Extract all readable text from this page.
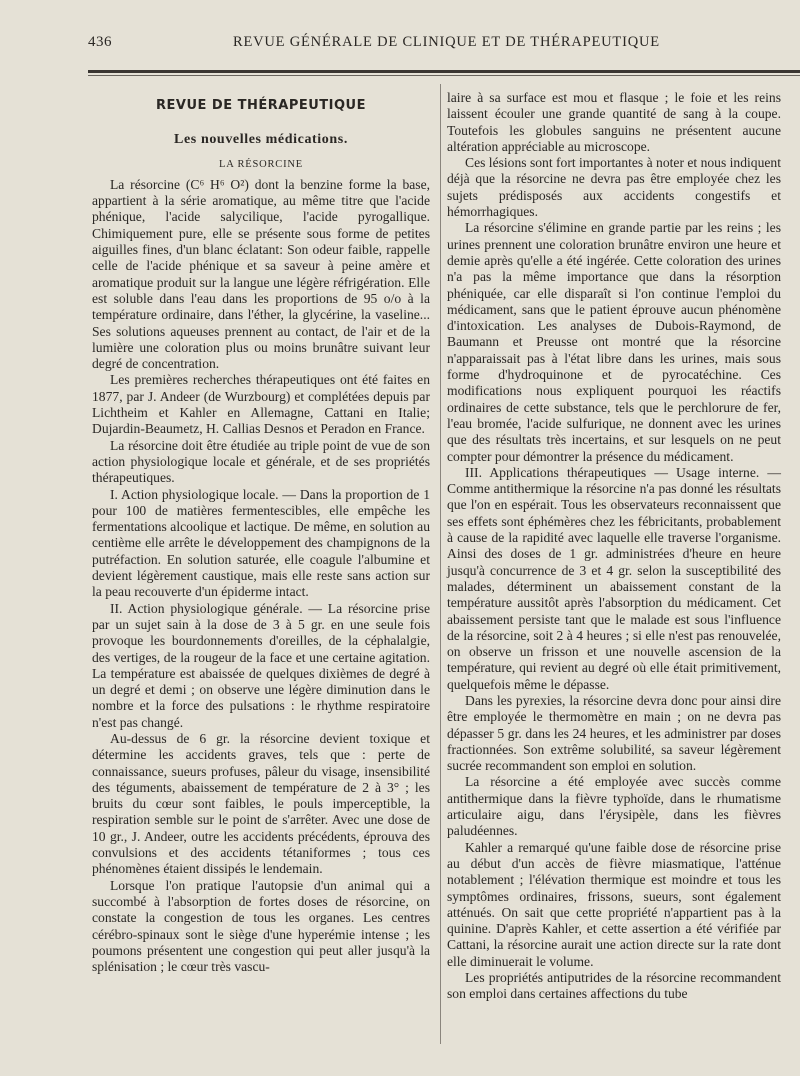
436	REVUE GÉNÉRALE DE CLINIQUE ET DE THÉRAPEUTIQUE
REVUE DE THÉRAPEUTIQUE
Les nouvelles médications.
LA RÉSORCINE

La résorcine (C⁶ H⁶ O²) dont la benzine forme la base, appartient à la série aromatique, au même titre que l'acide phénique, l'acide salycilique, l'acide pyrogallique. Chimiquement pure, elle se présente sous forme de petites aiguilles fines, d'un blanc éclatant: Son odeur faible, rappelle celle de l'acide phénique et sa saveur à peine amère et aromatique produit sur la langue une légère réfrigération. Elle est soluble dans l'eau dans les proportions de 95 o/o à la température ordinaire, dans l'éther, la glycérine, la vaseline... Ses solutions aqueuses prennent au contact, de l'air et de la lumière une coloration plus ou moins brunâtre suivant leur degré de concentration.

Les premières recherches thérapeutiques ont été faites en 1877, par J. Andeer (de Wurzbourg) et complétées depuis par Lichtheim et Kahler en Allemagne, Cattani en Italie; Dujardin-Beaumetz, H. Callias Desnos et Peradon en France.

La résorcine doit être étudiée au triple point de vue de son action physiologique locale et générale, et de ses propriétés thérapeutiques.

I. Action physiologique locale. — Dans la proportion de 1 pour 100 de matières fermentescibles, elle empêche les fermentations alcoolique et lactique. De même, en solution au centième elle arrête le développement des champignons de la putréfaction. En solution saturée, elle coagule l'albumine et devient légèrement caustique, mais elle reste sans action sur la peau recouverte d'un épiderme intact.

II. Action physiologique générale. — La résorcine prise par un sujet sain à la dose de 3 à 5 gr. en une seule fois provoque les bourdonnements d'oreilles, de la céphalalgie, des vertiges, de la rougeur de la face et une certaine agitation. La température est abaissée de quelques dixièmes de degré à un degré et demi ; on observe une légère diminution dans le nombre et la force des pulsations : le rhythme respiratoire n'est pas changé.

Au-dessus de 6 gr. la résorcine devient toxique et détermine les accidents graves, tels que : perte de connaissance, sueurs profuses, pâleur du visage, insensibilité des téguments, abaissement de température de 2 à 3° ; les bruits du cœur sont faibles, le pouls imperceptible, la respiration semble sur le point de s'arrêter. Avec une dose de 10 gr., J. Andeer, outre les accidents précédents, éprouva des convulsions et des accidents tétaniformes ; tous ces phénomènes étaient dissipés le lendemain.

Lorsque l'on pratique l'autopsie d'un animal qui a succombé à l'absorption de fortes doses de résorcine, on constate la congestion de tous les organes. Les centres cérébro-spinaux sont le siège d'une hyperémie intense ; les poumons présentent une congestion qui peut aller jusqu'à la splénisation ; le cœur très vascu-

laire à sa surface est mou et flasque ; le foie et les reins laissent écouler une grande quantité de sang à la coupe. Toutefois les globules sanguins ne présentent aucune altération appréciable au microscope.

Ces lésions sont fort importantes à noter et nous indiquent déjà que la résorcine ne devra pas être employée chez les sujets prédisposés aux accidents congestifs et hémorrhagiques.

La résorcine s'élimine en grande partie par les reins ; les urines prennent une coloration brunâtre environ une heure et demie après qu'elle a été ingérée. Cette coloration des urines n'a pas la même importance que dans la résorption phéniquée, car elle disparaît si l'on continue l'emploi du médicament, sans que le patient éprouve aucun phénomène d'intoxication. Les analyses de Dubois-Raymond, de Baumann et Preusse ont montré que la résorcine n'apparaissait pas à l'état libre dans les urines, mais sous forme d'hydroquinone et de pyrocatéchine. Ces modifications nous expliquent pourquoi les réactifs ordinaires de cette substance, tels que le perchlorure de fer, l'eau bromée, l'acide sulfurique, ne donnent avec les urines que des résultats très incertains, et sur lesquels on ne peut compter pour démontrer la présence du médicament.

III. Applications thérapeutiques — Usage interne. — Comme antithermique la résorcine n'a pas donné les résultats que l'on en espérait. Tous les observateurs reconnaissent que ses effets sont éphémères chez les fébricitants, probablement à cause de la rapidité avec laquelle elle traverse l'organisme. Ainsi des doses de 1 gr. administrées d'heure en heure jusqu'à concurrence de 3 et 4 gr. selon la susceptibilité des malades, déterminent un abaissement constant de la température aussitôt après l'absorption du médicament. Cet abaissement persiste tant que le malade est sous l'influence de la résorcine, soit 2 à 4 heures ; si elle n'est pas renouvelée, on observe un frisson et une nouvelle ascension de la température, qui revient au degré où elle était primitivement, quelquefois même le dépasse.

Dans les pyrexies, la résorcine devra donc pour ainsi dire être employée le thermomètre en main ; on ne devra pas dépasser 5 gr. dans les 24 heures, et les administrer par doses fractionnées. Son extrême solubilité, sa saveur légèrement sucrée recommandent son emploi en solution.

La résorcine a été employée avec succès comme antithermique dans la fièvre typhoïde, dans le rhumatisme articulaire aigu, dans l'érysipèle, dans les fièvres paludéennes.

Kahler a remarqué qu'une faible dose de résorcine prise au début d'un accès de fièvre miasmatique, l'atténue notablement ; l'élévation thermique est moindre et tous les symptômes ordinaires, frissons, sueurs, sont également atténués. On sait que cette propriété n'appartient pas à la quinine. D'après Kahler, et cette assertion a été vérifiée par Cattani, la résorcine aurait une action directe sur la rate dont elle diminuerait le volume.

Les propriétés antiputrides de la résorcine recommandent son emploi dans certaines affections du tube
